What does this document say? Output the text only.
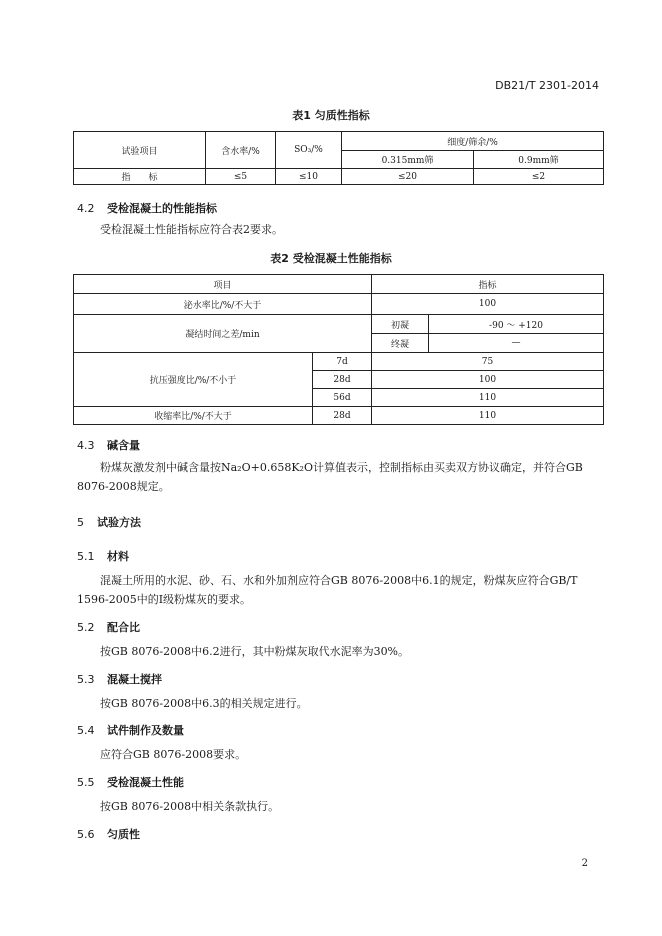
DB21/T 2301-2014
表1 匀质性指标
试验项目	含水率/%	SO₃/%	细度/筛余/%	
			0.315mm筛	0.9mm筛
指　　标	≤5	≤10	≤20	≤2
4.2 受检混凝土的性能指标
受检混凝土性能指标应符合表2要求。
表2 受检混凝土性能指标
项目		指标	
泌水率比/%/不大于		100	
凝结时间之差/min		初凝	-90 ～ +120
		终凝	—
抗压强度比/%/不小于	7d	75	
	28d	100	
	56d	110	
收缩率比/%/不大于	28d	110	
4.3 碱含量
粉煤灰激发剂中碱含量按Na₂O+0.658K₂O计算值表示，控制指标由买卖双方协议确定，并符合GB 8076-2008规定。
5 试验方法
5.1 材料
混凝土所用的水泥、砂、石、水和外加剂应符合GB 8076-2008中6.1的规定，粉煤灰应符合GB/T 1596-2005中的Ⅰ级粉煤灰的要求。
5.2 配合比
按GB 8076-2008中6.2进行，其中粉煤灰取代水泥率为30%。
5.3 混凝土搅拌
按GB 8076-2008中6.3的相关规定进行。
5.4 试件制作及数量
应符合GB 8076-2008要求。
5.5 受检混凝土性能
按GB 8076-2008中相关条款执行。
5.6 匀质性
2
